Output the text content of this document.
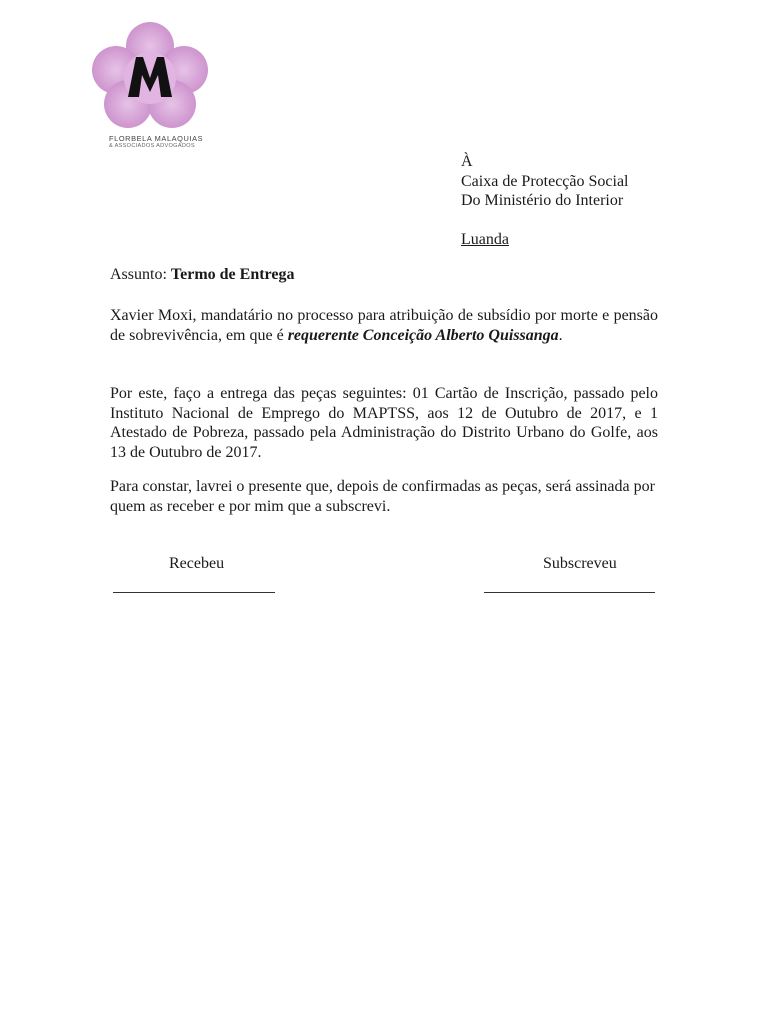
FLORBELA MALAQUIAS
& ASSOCIADOS ADVOGADOS
À
Caixa de Protecção Social
Do Ministério do Interior
Luanda
Assunto: Termo de Entrega

Xavier Moxi, mandatário no processo para atribuição de subsídio por morte e pensão de sobrevivência, em que é requerente Conceição Alberto Quissanga.

Por este, faço a entrega das peças seguintes: 01 Cartão de Inscrição, passado pelo Instituto Nacional de Emprego do MAPTSS, aos 12 de Outubro de 2017, e 1 Atestado de Pobreza, passado pela Administração do Distrito Urbano do Golfe, aos 13 de Outubro de 2017.

Para constar, lavrei o presente que, depois de confirmadas as peças, será assinada por quem as receber e por mim que a subscrevi.

Recebeu	Subscreveu
